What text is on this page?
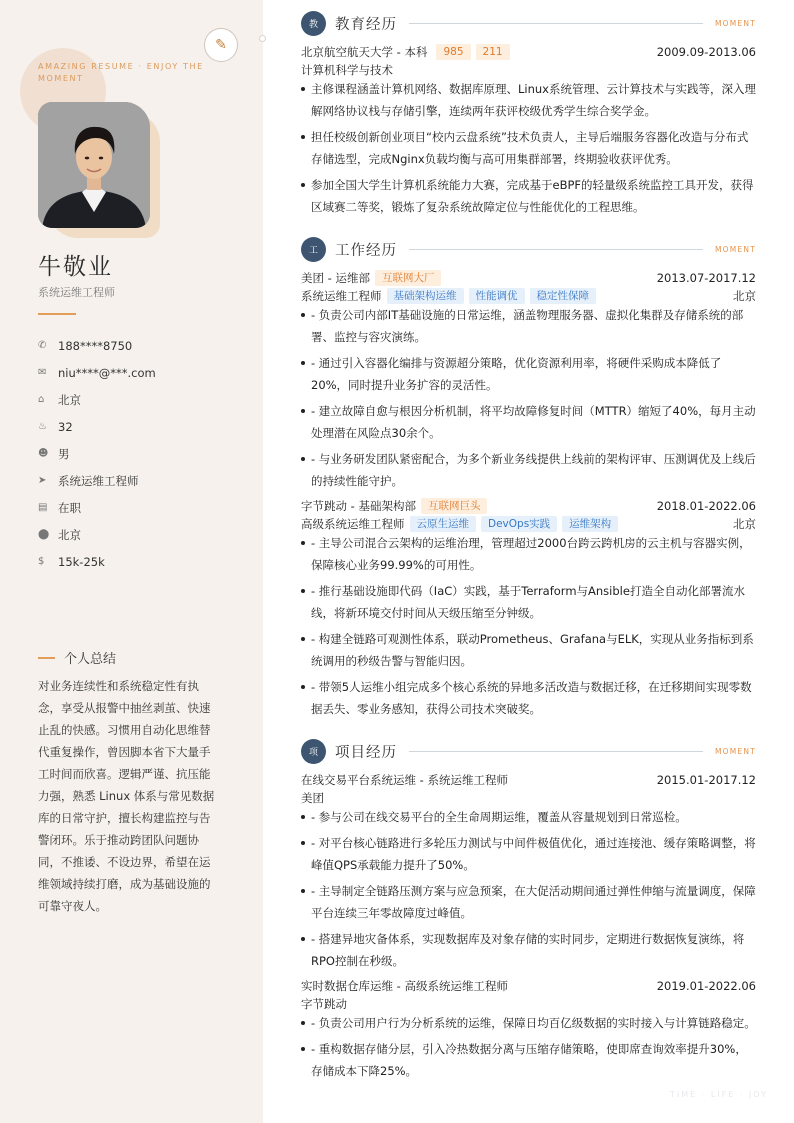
✎
AMAZING RESUME · ENJOY THE MOMENT
牛敬业
系统运维工程师
✆	188****8750
✉	niu****@***.com
⌂	北京
♨ 32
☻ 男
➤	系统运维工程师
▤ 在职
⬤ 北京
$	15k-25k
个人总结

对业务连续性和系统稳定性有执念，享受从报警中抽丝剥茧、快速止乱的快感。习惯用自动化思维替代重复操作，曾因脚本省下大量手工时间而欣喜。逻辑严谨、抗压能力强，熟悉 Linux 体系与常见数据库的日常守护，擅长构建监控与告警闭环。乐于推动跨团队问题协同，不推诿、不设边界，希望在运维领域持续打磨，成为基础设施的可靠守夜人。

教	教育经历	MOMENT
北京航空航天大学 - 本科	985	211	2009.09-2013.06
计算机科学与技术
主修课程涵盖计算机网络、数据库原理、Linux系统管理、云计算技术与实践等，深入理解网络协议栈与存储引擎，连续两年获评校级优秀学生综合奖学金。
担任校级创新创业项目“校内云盘系统”技术负责人，主导后端服务容器化改造与分布式存储选型，完成Nginx负载均衡与高可用集群部署，终期验收获评优秀。
参加全国大学生计算机系统能力大赛，完成基于eBPF的轻量级系统监控工具开发，获得区域赛二等奖，锻炼了复杂系统故障定位与性能优化的工程思维。
工	工作经历	MOMENT
美团 - 运维部	互联网大厂	2013.07-2017.12
系统运维工程师	基础架构运维	性能调优	稳定性保障	北京
- 负责公司内部IT基础设施的日常运维，涵盖物理服务器、虚拟化集群及存储系统的部署、监控与容灾演练。
- 通过引入容器化编排与资源超分策略，优化资源利用率，将硬件采购成本降低了20%，同时提升业务扩容的灵活性。
- 建立故障自愈与根因分析机制，将平均故障修复时间（MTTR）缩短了40%，每月主动处理潜在风险点30余个。
- 与业务研发团队紧密配合，为多个新业务线提供上线前的架构评审、压测调优及上线后的持续性能守护。
字节跳动 - 基础架构部	互联网巨头	2018.01-2022.06
高级系统运维工程师	云原生运维	DevOps实践	运维架构	北京
- 主导公司混合云架构的运维治理，管理超过2000台跨云跨机房的云主机与容器实例，保障核心业务99.99%的可用性。
- 推行基础设施即代码（IaC）实践，基于Terraform与Ansible打造全自动化部署流水线，将新环境交付时间从天级压缩至分钟级。
- 构建全链路可观测性体系，联动Prometheus、Grafana与ELK，实现从业务指标到系统调用的秒级告警与智能归因。
- 带领5人运维小组完成多个核心系统的异地多活改造与数据迁移，在迁移期间实现零数据丢失、零业务感知，获得公司技术突破奖。
项	项目经历	MOMENT
在线交易平台系统运维 - 系统运维工程师	2015.01-2017.12
美团
- 参与公司在线交易平台的全生命周期运维，覆盖从容量规划到日常巡检。
- 对平台核心链路进行多轮压力测试与中间件极值优化，通过连接池、缓存策略调整，将峰值QPS承载能力提升了50%。
- 主导制定全链路压测方案与应急预案，在大促活动期间通过弹性伸缩与流量调度，保障平台连续三年零故障度过峰值。
- 搭建异地灾备体系，实现数据库及对象存储的实时同步，定期进行数据恢复演练，将RPO控制在秒级。
实时数据仓库运维 - 高级系统运维工程师	2019.01-2022.06
字节跳动
- 负责公司用户行为分析系统的运维，保障日均百亿级数据的实时接入与计算链路稳定。
- 重构数据存储分层，引入冷热数据分离与压缩存储策略，使即席查询效率提升30%，存储成本下降25%。
TIME · LIFE · JOY
